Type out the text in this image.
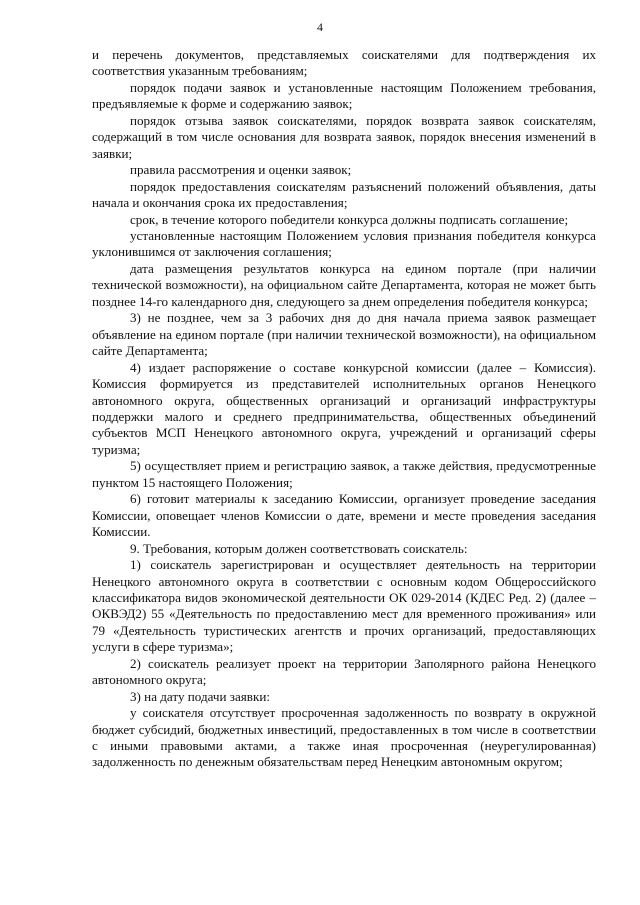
4

и перечень документов, представляемых соискателями для подтверждения их соответствия указанным требованиям;

порядок подачи заявок и установленные настоящим Положением требования, предъявляемые к форме и содержанию заявок;

порядок отзыва заявок соискателями, порядок возврата заявок соискателям, содержащий в том числе основания для возврата заявок, порядок внесения изменений в заявки;

правила рассмотрения и оценки заявок;

порядок предоставления соискателям разъяснений положений объявления, даты начала и окончания срока их предоставления;

срок, в течение которого победители конкурса должны подписать соглашение;

установленные настоящим Положением условия признания победителя конкурса уклонившимся от заключения соглашения;

дата размещения результатов конкурса на едином портале (при наличии технической возможности), на официальном сайте Департамента, которая не может быть позднее 14-го календарного дня, следующего за днем определения победителя конкурса;

3) не позднее, чем за 3 рабочих дня до дня начала приема заявок размещает объявление на едином портале (при наличии технической возможности), на официальном сайте Департамента;

4) издает распоряжение о составе конкурсной комиссии (далее – Комиссия). Комиссия формируется из представителей исполнительных органов Ненецкого автономного округа, общественных организаций и организаций инфраструктуры поддержки малого и среднего предпринимательства, общественных объединений субъектов МСП Ненецкого автономного округа, учреждений и организаций сферы туризма;

5) осуществляет прием и регистрацию заявок, а также действия, предусмотренные пунктом 15 настоящего Положения;

6) готовит материалы к заседанию Комиссии, организует проведение заседания Комиссии, оповещает членов Комиссии о дате, времени и месте проведения заседания Комиссии.

9. Требования, которым должен соответствовать соискатель:

1) соискатель зарегистрирован и осуществляет деятельность на территории Ненецкого автономного округа в соответствии с основным кодом Общероссийского классификатора видов экономической деятельности ОК 029-2014 (КДЕС Ред. 2) (далее – ОКВЭД2) 55 «Деятельность по предоставлению мест для временного проживания» или 79 «Деятельность туристических агентств и прочих организаций, предоставляющих услуги в сфере туризма»;

2) соискатель реализует проект на территории Заполярного района Ненецкого автономного округа;

3) на дату подачи заявки:

у соискателя отсутствует просроченная задолженность по возврату в окружной бюджет субсидий, бюджетных инвестиций, предоставленных в том числе в соответствии с иными правовыми актами, а также иная просроченная (неурегулированная) задолженность по денежным обязательствам перед Ненецким автономным округом;
